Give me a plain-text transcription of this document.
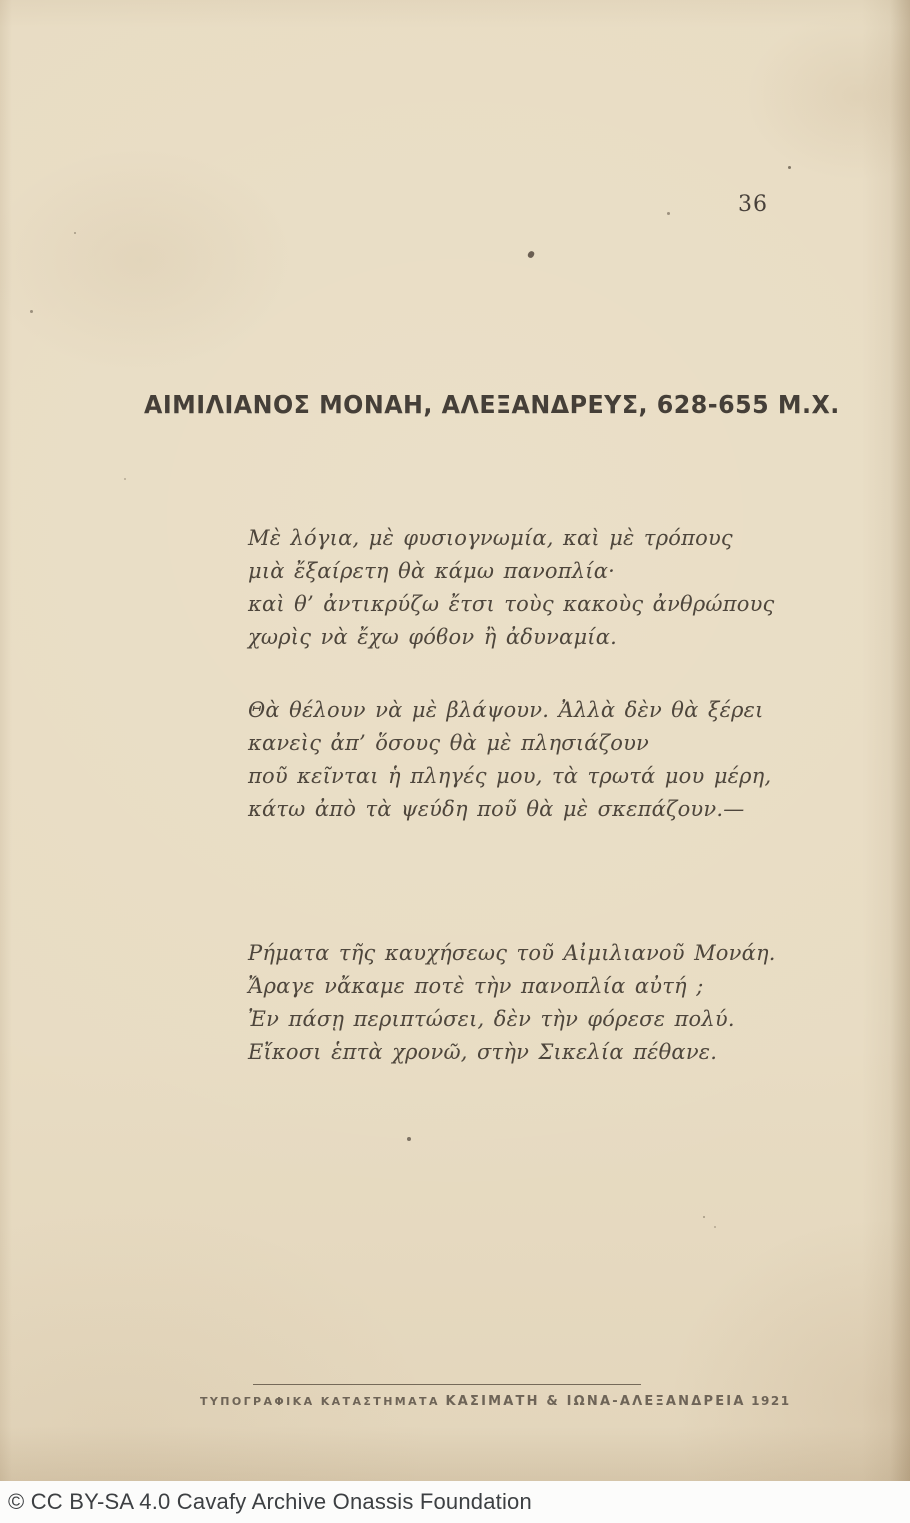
36
ΑΙΜΙΛΙΑΝΟΣ ΜΟΝΑΗ, ΑΛΕΞΑΝΔΡΕΥΣ, 628-655 Μ.Χ.
Μὲ λόγια, μὲ φυσιογνωμία, καὶ μὲ τρόπους
μιὰ ἔξαίρετη θὰ κάμω πανοπλία·
καὶ θ’ ἀντικρύζω ἔτσι τοὺς κακοὺς ἀνθρώπους
χωρὶς νὰ ἔχω φόϐον ἢ ἀδυναμία.
Θὰ θέλουν νὰ μὲ βλάψουν. Ἀλλὰ δὲν θὰ ξέρει
κανεὶς ἀπ’ ὅσους θὰ μὲ πλησιάζουν
ποῦ κεῖνται ἡ πληγές μου, τὰ τρωτά μου μέρη,
κάτω ἀπὸ τὰ ψεύδη ποῦ θὰ μὲ σκεπάζουν.—
Ρήματα τῆς καυχήσεως τοῦ Αἰμιλιανοῦ Μονάη.
Ἄραγε νἄκαμε ποτὲ τὴν πανοπλία αὐτή ;
Ἐν πάσῃ περιπτώσει, δὲν τὴν φόρεσε πολύ.
Εἴκοσι ἑπτὰ χρονῶ, στὴν Σικελία πέθανε.
ΤΥΠΟΓΡΑΦΙΚΑ ΚΑΤΑΣΤΗΜΑΤΑ ΚΑΣΙΜΑΤΗ & ΙΩΝΑ-ΑΛΕΞΑΝΔΡΕΙΑ 1921
© CC BY-SA 4.0 Cavafy Archive Onassis Foundation
